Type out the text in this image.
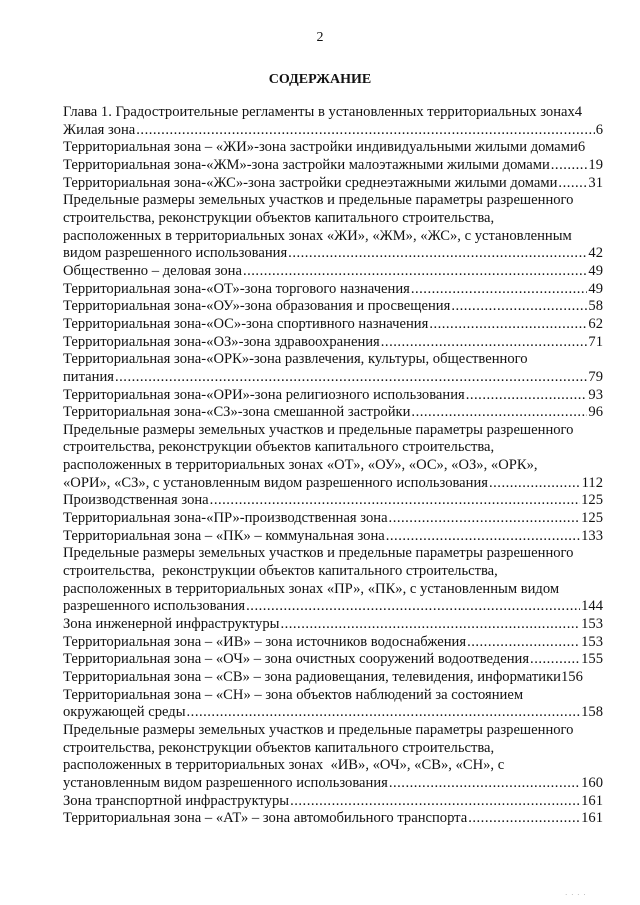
2
СОДЕРЖАНИЕ
Глава 1. Градостроительные регламенты в установленных территориальных зонах 4
Жилая зона .....	6
Территориальная зона – «ЖИ»-зона застройки индивидуальными жилыми домами 6
Территориальная зона-«ЖМ»-зона застройки малоэтажными жилыми домами .....	19
Территориальная зона-«ЖС»-зона застройки среднеэтажными жилыми домами ..... 31
Предельные размеры земельных участков и предельные параметры разрешенного
строительства, реконструкции объектов капитального строительства,
расположенных в территориальных зонах «ЖИ», «ЖМ», «ЖС», с установленным
видом разрешенного использования .....	42
Общественно – деловая зона .....	49
Территориальная зона-«ОТ»-зона торгового назначения .....	49
Территориальная зона-«ОУ»-зона образования и просвещения .....	58
Территориальная зона-«ОС»-зона спортивного назначения .....	62
Территориальная зона-«ОЗ»-зона здравоохранения .....	71
Территориальная зона-«ОРК»-зона развлечения, культуры, общественного
питания .....	79
Территориальная зона-«ОРИ»-зона религиозного использования .....	93
Территориальная зона-«СЗ»-зона смешанной застройки .....	96
Предельные размеры земельных участков и предельные параметры разрешенного
строительства, реконструкции объектов капитального строительства,
расположенных в территориальных зонах «ОТ», «ОУ», «ОС», «ОЗ», «ОРК»,
«ОРИ», «СЗ», с установленным видом разрешенного использования .....	112
Производственная зона .....	125
Территориальная зона-«ПР»-производственная зона .....	125
Территориальная зона – «ПК» – коммунальная зона .....	133
Предельные размеры земельных участков и предельные параметры разрешенного
строительства,  реконструкции объектов капитального строительства,
расположенных в территориальных зонах «ПР», «ПК», с установленным видом
разрешенного использования .....	144
Зона инженерной инфраструктуры .....	153
Территориальная зона – «ИВ» – зона источников водоснабжения .....	153
Территориальная зона – «ОЧ» – зона очистных сооружений водоотведения .....	155
Территориальная зона – «СВ» – зона радиовещания, телевидения, информатики 156
Территориальная зона – «СН» – зона объектов наблюдений за состоянием
окружающей среды .....	158
Предельные размеры земельных участков и предельные параметры разрешенного
строительства, реконструкции объектов капитального строительства,
расположенных в территориальных зонах  «ИВ», «ОЧ», «СВ», «СН», с
установленным видом разрешенного использования .....	160
Зона транспортной инфраструктуры .....	161
Территориальная зона – «АТ» – зона автомобильного транспорта .....	161
· · · ·
